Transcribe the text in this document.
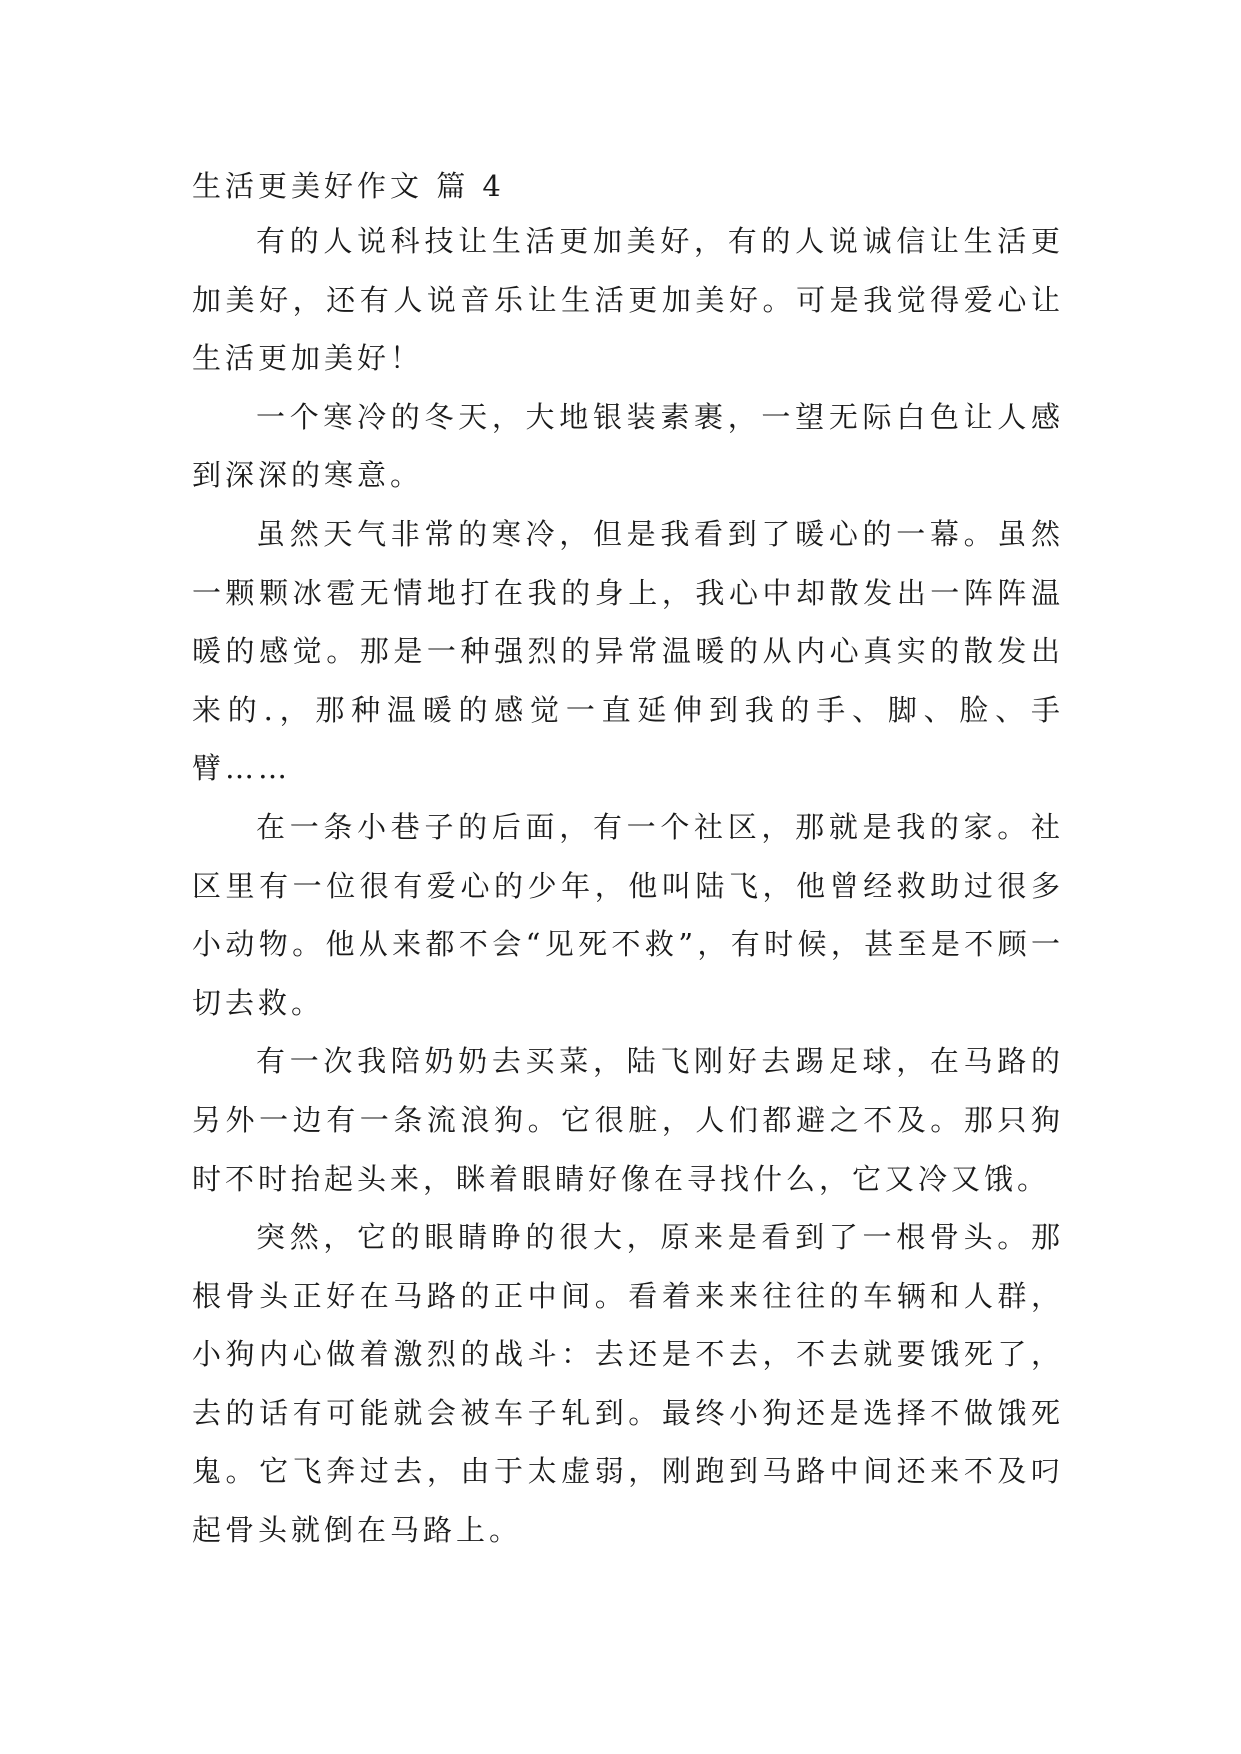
生活更美好作文 篇 4

有的人说科技让生活更加美好，有的人说诚信让生活更加美好，还有人说音乐让生活更加美好。可是我觉得爱心让生活更加美好！

一个寒冷的冬天，大地银装素裹，一望无际白色让人感到深深的寒意。

虽然天气非常的寒冷，但是我看到了暖心的一幕。虽然一颗颗冰雹无情地打在我的身上，我心中却散发出一阵阵温暖的感觉。那是一种强烈的异常温暖的从内心真实的散发出来的.，那种温暖的感觉一直延伸到我的手、脚、脸、手臂……

在一条小巷子的后面，有一个社区，那就是我的家。社区里有一位很有爱心的少年，他叫陆飞，他曾经救助过很多小动物。他从来都不会“见死不救”，有时候，甚至是不顾一切去救。

有一次我陪奶奶去买菜，陆飞刚好去踢足球，在马路的另外一边有一条流浪狗。它很脏，人们都避之不及。那只狗时不时抬起头来，眯着眼睛好像在寻找什么，它又冷又饿。

突然，它的眼睛睁的很大，原来是看到了一根骨头。那根骨头正好在马路的正中间。看着来来往往的车辆和人群，小狗内心做着激烈的战斗：去还是不去，不去就要饿死了，去的话有可能就会被车子轧到。最终小狗还是选择不做饿死鬼。它飞奔过去，由于太虚弱，刚跑到马路中间还来不及叼起骨头就倒在马路上。
